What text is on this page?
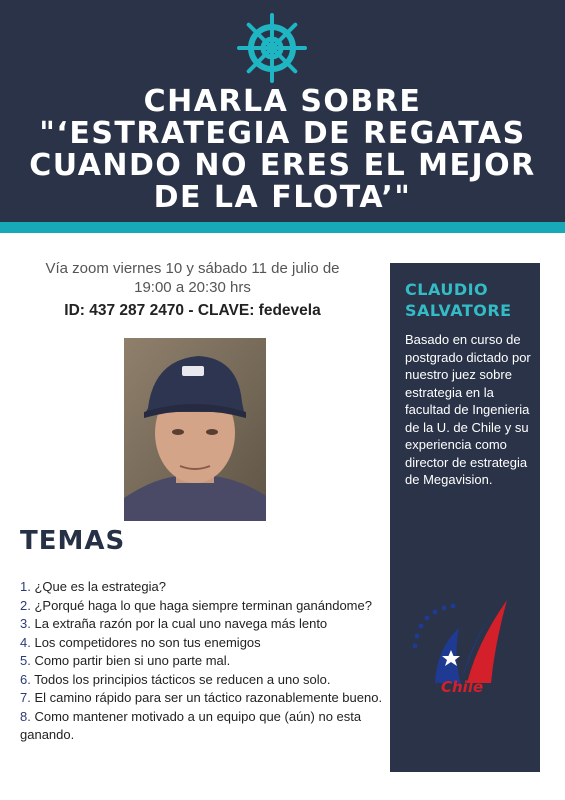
CHARLA SOBRE
"‘ESTRATEGIA DE REGATAS
CUANDO NO ERES EL MEJOR
DE LA FLOTA’"
Vía zoom viernes 10 y sábado 11 de julio de
19:00 a 20:30 hrs
ID: 437 287 2470 - CLAVE: fedevela
TEMAS
1. ¿Que es la estrategia?
2. ¿Porqué haga lo que haga siempre terminan ganándome?
3. La extraña razón por la cual uno navega más lento
4. Los competidores no son tus enemigos
5. Como partir bien si uno parte mal.
6. Todos los principios tácticos se reducen a uno solo.
7. El camino rápido para ser un táctico razonablemente bueno.
8. Como mantener motivado a un equipo que (aún) no esta ganando.
CLAUDIO
SALVATORE
Basado en curso de postgrado dictado por nuestro juez sobre estrategia en la facultad de Ingenieria de la U. de Chile y su experiencia como director de estrategia de Megavision.
Chile
